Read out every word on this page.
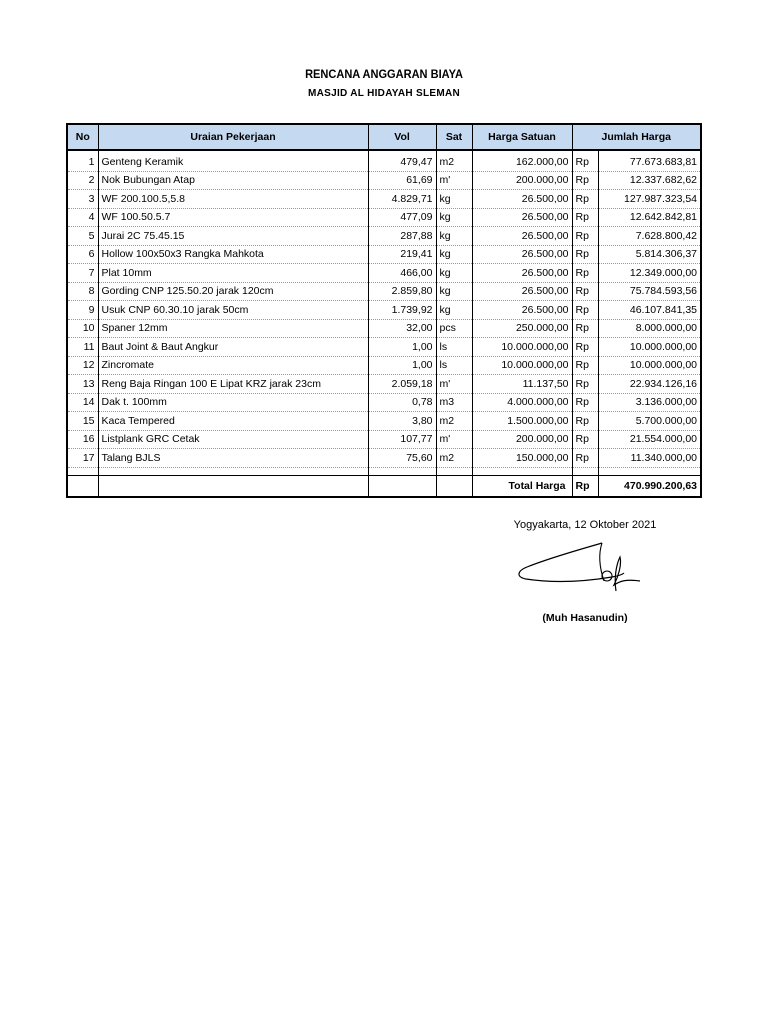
RENCANA ANGGARAN BIAYA
MASJID AL HIDAYAH SLEMAN
No	Uraian Pekerjaan	Vol	Sat	Harga Satuan	Jumlah Harga	
1	Genteng Keramik	479,47	m2	162.000,00	Rp	77.673.683,81
2	Nok Bubungan Atap	61,69	m'	200.000,00	Rp	12.337.682,62
3	WF 200.100.5,5.8	4.829,71	kg	26.500,00	Rp	127.987.323,54
4	WF 100.50.5.7	477,09	kg	26.500,00	Rp	12.642.842,81
5	Jurai 2C 75.45.15	287,88	kg	26.500,00	Rp	7.628.800,42
6	Hollow 100x50x3 Rangka Mahkota	219,41	kg	26.500,00	Rp	5.814.306,37
7	Plat 10mm	466,00	kg	26.500,00	Rp	12.349.000,00
8	Gording CNP 125.50.20 jarak 120cm	2.859,80	kg	26.500,00	Rp	75.784.593,56
9	Usuk CNP 60.30.10 jarak 50cm	1.739,92	kg	26.500,00	Rp	46.107.841,35
10	Spaner 12mm	32,00	pcs	250.000,00	Rp	8.000.000,00
11	Baut Joint & Baut Angkur	1,00	ls	10.000.000,00	Rp	10.000.000,00
12	Zincromate	1,00	ls	10.000.000,00	Rp	10.000.000,00
13	Reng Baja Ringan 100 E Lipat KRZ jarak 23cm	2.059,18	m'	11.137,50	Rp	22.934.126,16
14	Dak t. 100mm	0,78	m3	4.000.000,00	Rp	3.136.000,00
15	Kaca Tempered	3,80	m2	1.500.000,00	Rp	5.700.000,00
16	Listplank GRC Cetak	107,77	m'	200.000,00	Rp	21.554.000,00
17	Talang BJLS	75,60	m2	150.000,00	Rp	11.340.000,00

				Total Harga	Rp	470.990.200,63
Yogyakarta, 12 Oktober 2021
(Muh Hasanudin)
